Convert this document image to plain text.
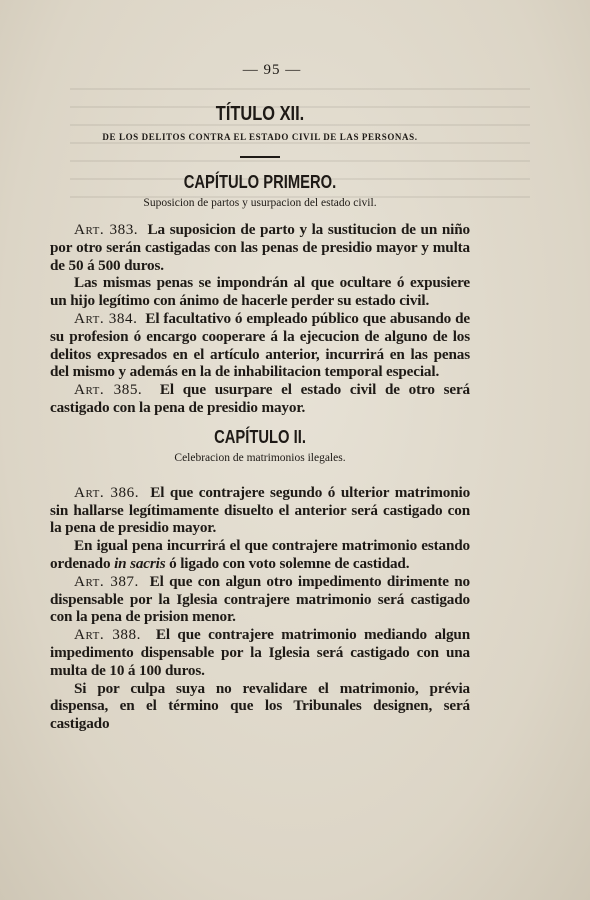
— 95 —
TÍTULO XII.
DE LOS DELITOS CONTRA EL ESTADO CIVIL DE LAS PERSONAS.
CAPÍTULO PRIMERO.
Suposicion de partos y usurpacion del estado civil.

Art. 383. La suposicion de parto y la sustitucion de un niño por otro serán castigadas con las penas de presidio mayor y multa de 50 á 500 duros.

Las mismas penas se impondrán al que ocultare ó expusiere un hijo legítimo con ánimo de hacerle perder su estado civil.

Art. 384. El facultativo ó empleado público que abusando de su profesion ó encargo cooperare á la ejecucion de alguno de los delitos expresados en el artículo anterior, incurrirá en las penas del mismo y además en la de inhabilitacion temporal especial.

Art. 385. El que usurpare el estado civil de otro será castigado con la pena de presidio mayor.

CAPÍTULO II.
Celebracion de matrimonios ilegales.

Art. 386. El que contrajere segundo ó ulterior matrimonio sin hallarse legítimamente disuelto el anterior será castigado con la pena de presidio mayor.

En igual pena incurrirá el que contrajere matrimonio estando ordenado in sacris ó ligado con voto solemne de castidad.

Art. 387. El que con algun otro impedimento dirimente no dispensable por la Iglesia contrajere matrimonio será castigado con la pena de prision menor.

Art. 388. El que contrajere matrimonio mediando algun impedimento dispensable por la Iglesia será castigado con una multa de 10 á 100 duros.

Si por culpa suya no revalidare el matrimonio, prévia dispensa, en el término que los Tribunales designen, será castigado
